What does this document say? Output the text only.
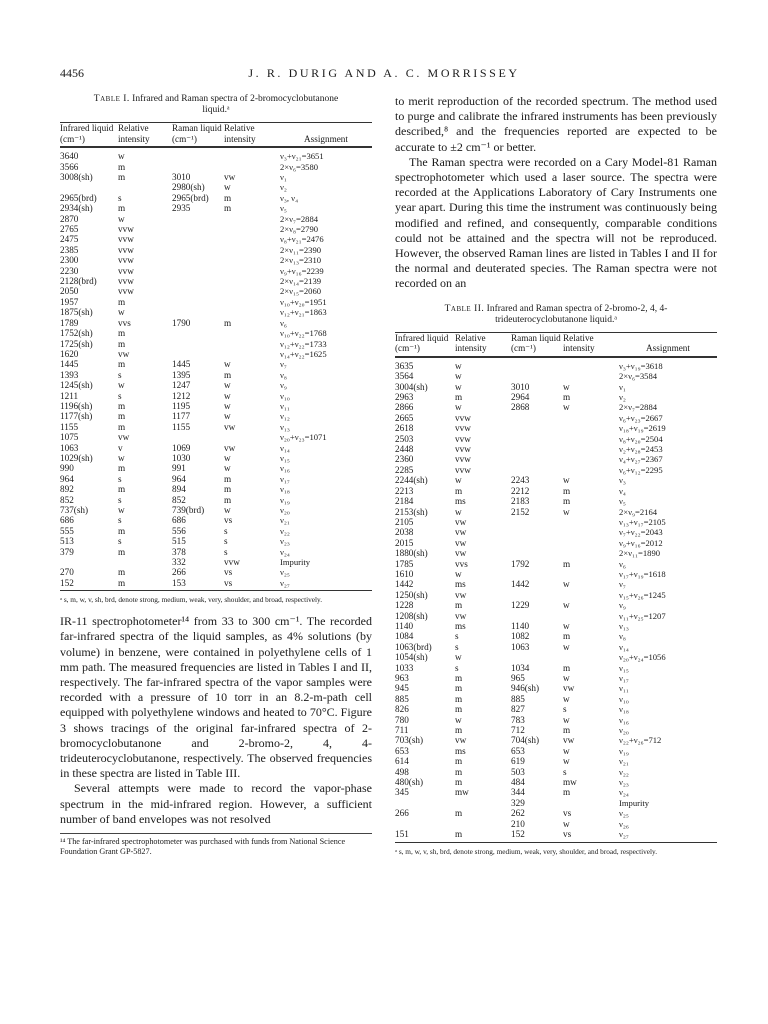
4456	J. R. DURIG AND A. C. MORRISSEY
Table I. Infrared and Raman spectra of 2-bromocyclobutanone liquid.ᵃ
Infrared liquid (cm⁻¹)	Relative intensity	Raman liquid (cm⁻¹)	Relative intensity	Assignment
3640	w			ν₃+ν₂₁=3651
3566	m			2×ν₆=3580
3008(sh)	m	3010	vw	ν₁
		2980(sh)	w	ν₂
2965(brd)	s	2965(brd)	m	ν₃, ν₄
2934(sh)	m	2935	m	ν₅
2870	w			2×ν₇=2884
2765	vvw			2×ν₈=2790
2475	vvw			ν₈+ν₂₁=2476
2385	vvw			2×ν₁₁=2390
2300	vvw			2×ν₁₃=2310
2230	vvw			ν₉+ν₁₆=2239
2128(brd)	vvw			2×ν₁₄=2139
2050	vvw			2×ν₁₅=2060
1957	m			ν₁₀+ν₂₀=1951
1875(sh)	w			ν₁₂+ν₂₁=1863
1789	vvs	1790	m	ν₆
1752(sh)	m			ν₁₀+ν₂₂=1768
1725(sh)	m			ν₁₂+ν₂₂=1733
1620	vw			ν₁₄+ν₂₂=1625
1445	m	1445	w	ν₇
1393	s	1395	m	ν₈
1245(sh)	w	1247	w	ν₉
1211	s	1212	w	ν₁₀
1196(sh)	m	1195	w	ν₁₁
1177(sh)	m	1177	w	ν₁₂
1155	m	1155	vw	ν₁₃
1075	vw			ν₂₀+ν₂₃=1071
1063	v	1069	vw	ν₁₄
1029(sh)	w	1030	w	ν₁₅
990	m	991	w	ν₁₆
964	s	964	m	ν₁₇
892	m	894	m	ν₁₈
852	s	852	m	ν₁₉
737(sh)	w	739(brd)	w	ν₂₀
686	s	686	vs	ν₂₁
555	m	556	s	ν₂₂
513	s	515	s	ν₂₃
379	m	378	s	ν₂₄
		332	vvw	Impurity
270	m	266	vs	ν₂₅
152	m	153	vs	ν₂₇
ᵃ s, m, w, v, sh, brd, denote strong, medium, weak, very, shoulder, and broad, respectively.

IR-11 spectrophotometer¹⁴ from 33 to 300 cm⁻¹. The recorded far-infrared spectra of the liquid samples, as 4% solutions (by volume) in benzene, were contained in polyethylene cells of 1 mm path. The measured frequencies are listed in Tables I and II, respectively. The far-infrared spectra of the vapor samples were recorded with a pressure of 10 torr in an 8.2-m-path cell equipped with polyethylene windows and heated to 70°C. Figure 3 shows tracings of the original far-infrared spectra of 2-bromocyclobutanone and 2-bromo-2, 4, 4-trideuterocyclobutanone, respectively. The observed frequencies in these spectra are listed in Table III.

Several attempts were made to record the vapor-phase spectrum in the mid-infrared region. However, a sufficient number of band envelopes was not resolved

¹⁴ The far-infrared spectrophotometer was purchased with funds from National Science Foundation Grant GP-5827.

to merit reproduction of the recorded spectrum. The method used to purge and calibrate the infrared instruments has been previously described,⁸ and the frequencies reported are expected to be accurate to ±2 cm⁻¹ or better.

The Raman spectra were recorded on a Cary Model-81 Raman spectrophotometer which used a laser source. The spectra were recorded at the Applications Laboratory of Cary Instruments one year apart. During this time the instrument was continuously being modified and refined, and consequently, comparable conditions could not be attained and the spectra will not be reproduced. However, the observed Raman lines are listed in Tables I and II for the normal and deuterated species. The Raman spectra were not recorded on an

Table II. Infrared and Raman spectra of 2-bromo-2, 4, 4-trideuterocyclobutanone liquid.ᵃ
Infrared liquid (cm⁻¹)	Relative intensity	Raman liquid (cm⁻¹)	Relative intensity	Assignment
3635	w			ν₃+ν₁₉=3618
3564	w			2×ν₆=3584
3004(sh)	w	3010	w	ν₁
2963	m	2964	m	ν₂
2866	w	2868	w	2×ν₇=2884
2665	vvw			ν₆+ν₂₃=2667
2618	vvw			ν₁₈+ν₁₉=2619
2503	vvw			ν₈+ν₂₀=2504
2448	vvw			ν₂+ν₂₈=2453
2360	vvw			ν₄+ν₂₇=2367
2285	vvw			ν₆+ν₁₂=2295
2244(sh)	w	2243	w	ν₃
2213	m	2212	m	ν₄
2184	ms	2183	m	ν₅
2153(sh)	w	2152	w	2×ν₉=2164
2105	vw			ν₁₃+ν₁₇=2105
2038	vw			ν₇+ν₂₂=2043
2015	vw			ν₉+ν₁₆=2012
1880(sh)	vw			2×ν₁₁=1890
1785	vvs	1792	m	ν₆
1610	w			ν₁₇+ν₁₉=1618
1442	ms	1442	w	ν₇
1250(sh)	vw			ν₁₅+ν₂₆=1245
1228	m	1229	w	ν₉
1208(sh)	vw			ν₁₁+ν₂₅=1207
1140	ms	1140	w	ν₁₃
1084	s	1082	m	ν₈
1063(brd)	s	1063	w	ν₁₄
1054(sh)	w			ν₂₀+ν₂₄=1056
1033	s	1034	m	ν₁₅
963	m	965	w	ν₁₇
945	m	946(sh)	vw	ν₁₁
885	m	885	w	ν₁₀
826	m	827	s	ν₁₈
780	w	783	w	ν₁₆
711	m	712	m	ν₂₀
703(sh)	vw	704(sh)	vw	ν₂₂+ν₂₆=712
653	ms	653	w	ν₁₉
614	m	619	w	ν₂₁
498	m	503	s	ν₂₂
480(sh)	m	484	mw	ν₂₃
345	mw	344	m	ν₂₄
		329		Impurity
266	m	262	vs	ν₂₅
		210	w	ν₂₆
151	m	152	vs	ν₂₇
ᵃ s, m, w, v, sh, brd, denote strong, medium, weak, very, shoulder, and broad, respectively.
